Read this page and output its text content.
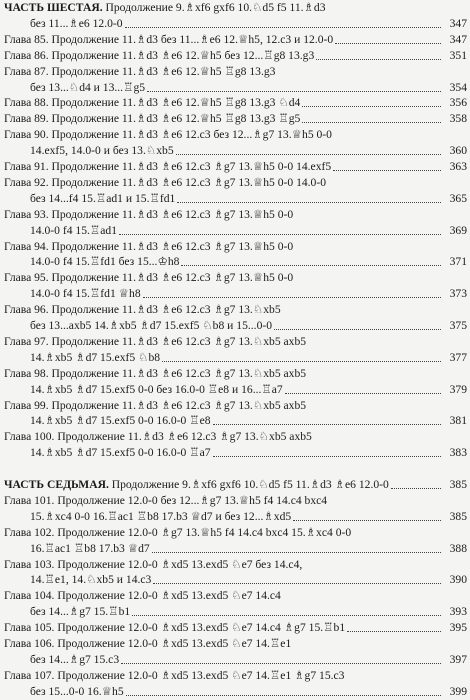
ЧАСТЬ ШЕСТАЯ. Продолжение 9.♗xf6 gxf6 10.♘d5 f5 11.♗d3
без 11...♗e6 12.0-0	347
Глава 85. Продолжение 11.♗d3 без 11...♗e6 12.♕h5, 12.c3 и 12.0-0	347
Глава 86. Продолжение 11.♗d3 ♗e6 12.♕h5 без 12...♖g8 13.g3	351
Глава 87. Продолжение 11.♗d3 ♗e6 12.♕h5 ♖g8 13.g3
без 13...♘d4 и 13...♖g5	354
Глава 88. Продолжение 11.♗d3 ♗e6 12.♕h5 ♖g8 13.g3 ♘d4	356
Глава 89. Продолжение 11.♗d3 ♗e6 12.♕h5 ♖g8 13.g3 ♖g5	358
Глава 90. Продолжение 11.♗d3 ♗e6 12.c3 без 12...♗g7 13.♕h5 0-0
14.exf5, 14.0-0 и без 13.♘xb5	360
Глава 91. Продолжение 11.♗d3 ♗e6 12.c3 ♗g7 13.♕h5 0-0 14.exf5	363
Глава 92. Продолжение 11.♗d3 ♗e6 12.c3 ♗g7 13.♕h5 0-0 14.0-0
без 14...f4 15.♖ad1 и 15.♖fd1	365
Глава 93. Продолжение 11.♗d3 ♗e6 12.c3 ♗g7 13.♕h5 0-0
14.0-0 f4 15.♖ad1	369
Глава 94. Продолжение 11.♗d3 ♗e6 12.c3 ♗g7 13.♕h5 0-0
14.0-0 f4 15.♖fd1 без 15...♔h8	371
Глава 95. Продолжение 11.♗d3 ♗e6 12.c3 ♗g7 13.♕h5 0-0
14.0-0 f4 15.♖fd1 ♕h8	373
Глава 96. Продолжение 11.♗d3 ♗e6 12.c3 ♗g7 13.♘xb5
без 13...axb5 14.♗xb5 ♗d7 15.exf5 ♘b8 и 15...0-0	375
Глава 97. Продолжение 11.♗d3 ♗e6 12.c3 ♗g7 13.♘xb5 axb5
14.♗xb5 ♗d7 15.exf5 ♘b8	377
Глава 98. Продолжение 11.♗d3 ♗e6 12.c3 ♗g7 13.♘xb5 axb5
14.♗xb5 ♗d7 15.exf5 0-0 без 16.0-0 ♖e8 и 16...♖a7	379
Глава 99. Продолжение 11.♗d3 ♗e6 12.c3 ♗g7 13.♘xb5 axb5
14.♗xb5 ♗d7 15.exf5 0-0 16.0-0 ♖e8	381
Глава 100. Продолжение 11.♗d3 ♗e6 12.c3 ♗g7 13.♘xb5 axb5
14.♗xb5 ♗d7 15.exf5 0-0 16.0-0 ♖a7	383
ЧАСТЬ СЕДЬМАЯ. Продолжение 9.♗xf6 gxf6 10.♘d5 f5 11.♗d3 ♗e6 12.0-0	385
Глава 101. Продолжение 12.0-0 без 12...♗g7 13.♕h5 f4 14.c4 bxc4
15.♗xc4 0-0 16.♖ac1 ♖b8 17.b3 ♕d7 и без 12...♗xd5	385
Глава 102. Продолжение 12.0-0 ♗g7 13.♕h5 f4 14.c4 bxc4 15.♗xc4 0-0
16.♖ac1 ♖b8 17.b3 ♕d7	388
Глава 103. Продолжение 12.0-0 ♗xd5 13.exd5 ♘e7 без 14.c4,
14.♖e1, 14.♘xb5 и 14.c3	390
Глава 104. Продолжение 12.0-0 ♗xd5 13.exd5 ♘e7 14.c4
без 14...♗g7 15.♖b1	393
Глава 105. Продолжение 12.0-0 ♗xd5 13.exd5 ♘e7 14.c4 ♗g7 15.♖b1	395
Глава 106. Продолжение 12.0-0 ♗xd5 13.exd5 ♘e7 14.♖e1
без 14...♗g7 15.c3	397
Глава 107. Продолжение 12.0-0 ♗xd5 13.exd5 ♘e7 14.♖e1 ♗g7 15.c3
без 15...0-0 16.♕h5	399
